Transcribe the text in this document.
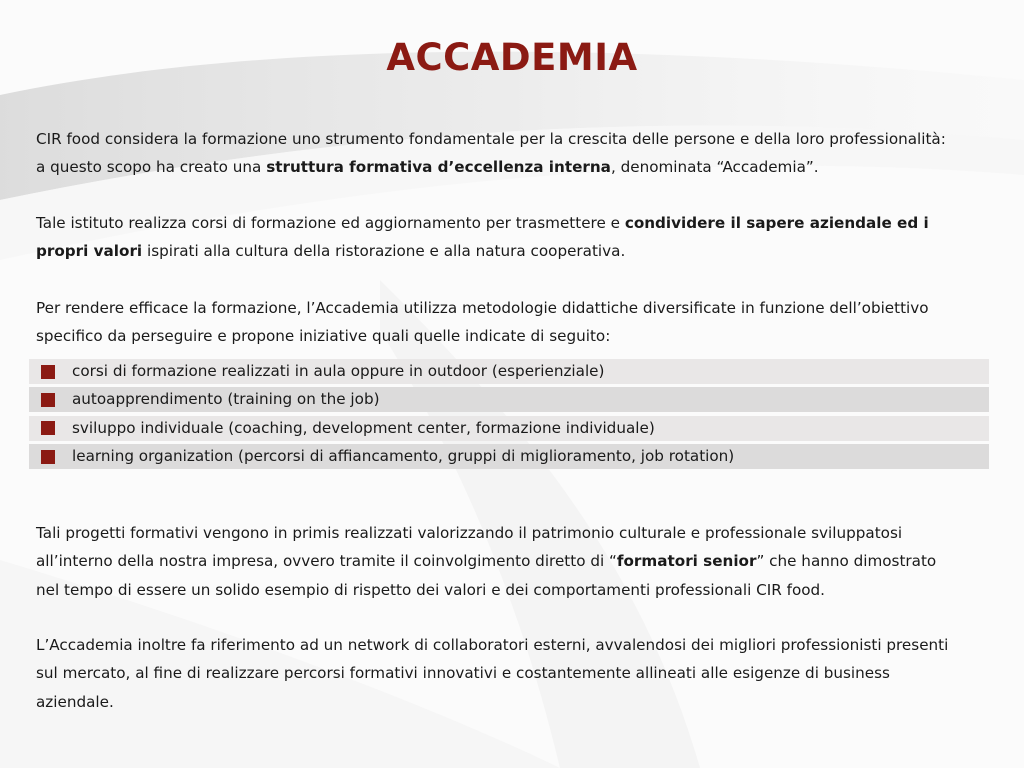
ACCADEMIA

CIR food considera la formazione uno strumento fondamentale per la crescita delle persone e della loro professionalità:
a questo scopo ha creato una struttura formativa d’eccellenza interna, denominata “Accademia”.

Tale istituto realizza corsi di formazione ed aggiornamento per trasmettere e condividere il sapere aziendale ed i
propri valori ispirati alla cultura della ristorazione e alla natura cooperativa.

Per rendere efficace la formazione, l’Accademia utilizza metodologie didattiche diversificate in funzione dell’obiettivo
specifico da perseguire e propone iniziative quali quelle indicate di seguito:

corsi di formazione realizzati in aula oppure in outdoor (esperienziale)
autoapprendimento (training on the job)
sviluppo individuale (coaching, development center, formazione individuale)
learning organization (percorsi di affiancamento, gruppi di miglioramento, job rotation)

Tali progetti formativi vengono in primis realizzati valorizzando il patrimonio culturale e professionale sviluppatosi
all’interno della nostra impresa, ovvero tramite il coinvolgimento diretto di “formatori senior” che hanno dimostrato
nel tempo di essere un solido esempio di rispetto dei valori e dei comportamenti professionali CIR food.

L’Accademia inoltre fa riferimento ad un network di collaboratori esterni, avvalendosi dei migliori professionisti presenti
sul mercato, al fine di realizzare percorsi formativi innovativi e costantemente allineati alle esigenze di business
aziendale.
